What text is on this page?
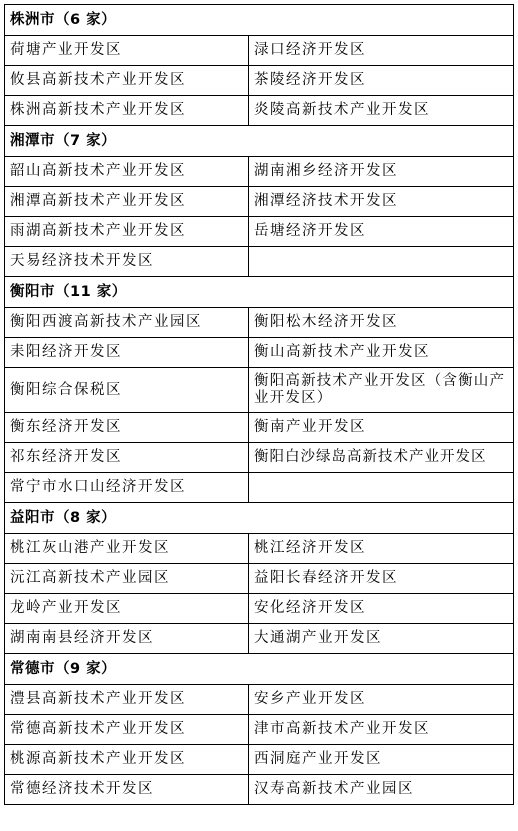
株洲市（6 家）	
荷塘产业开发区	渌口经济开发区
攸县高新技术产业开发区	茶陵经济开发区
株洲高新技术产业开发区	炎陵高新技术产业开发区
湘潭市（7 家）	
韶山高新技术产业开发区	湖南湘乡经济开发区
湘潭高新技术产业开发区	湘潭经济技术开发区
雨湖高新技术产业开发区	岳塘经济开发区
天易经济技术开发区	
衡阳市（11 家）	
衡阳西渡高新技术产业园区	衡阳松木经济开发区
耒阳经济开发区	衡山高新技术产业开发区
衡阳综合保税区	衡阳高新技术产业开发区（含衡山产业开发区）
衡东经济开发区	衡南产业开发区
祁东经济开发区	衡阳白沙绿岛高新技术产业开发区
常宁市水口山经济开发区	
益阳市（8 家）	
桃江灰山港产业开发区	桃江经济开发区
沅江高新技术产业园区	益阳长春经济开发区
龙岭产业开发区	安化经济开发区
湖南南县经济开发区	大通湖产业开发区
常德市（9 家）	
澧县高新技术产业开发区	安乡产业开发区
常德高新技术产业开发区	津市高新技术产业开发区
桃源高新技术产业开发区	西洞庭产业开发区
常德经济技术开发区	汉寿高新技术产业园区
